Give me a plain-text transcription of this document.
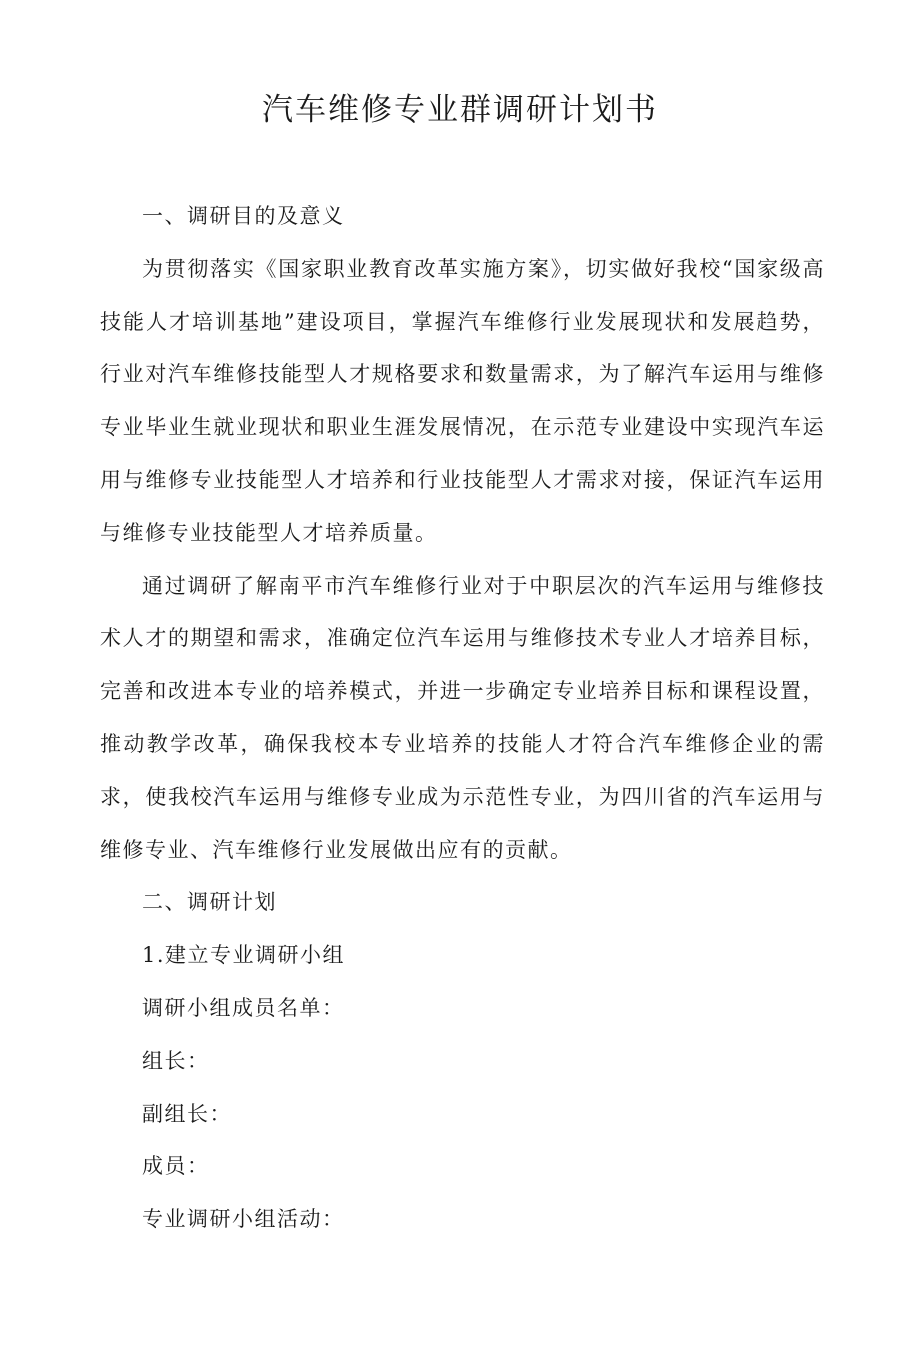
汽车维修专业群调研计划书

一、调研目的及意义

为贯彻落实《国家职业教育改革实施方案》，切实做好我校“国家级高技能人才培训基地”建设项目，掌握汽车维修行业发展现状和发展趋势，行业对汽车维修技能型人才规格要求和数量需求，为了解汽车运用与维修专业毕业生就业现状和职业生涯发展情况，在示范专业建设中实现汽车运用与维修专业技能型人才培养和行业技能型人才需求对接，保证汽车运用与维修专业技能型人才培养质量。

通过调研了解南平市汽车维修行业对于中职层次的汽车运用与维修技术人才的期望和需求，准确定位汽车运用与维修技术专业人才培养目标，完善和改进本专业的培养模式，并进一步确定专业培养目标和课程设置，推动教学改革，确保我校本专业培养的技能人才符合汽车维修企业的需求，使我校汽车运用与维修专业成为示范性专业，为四川省的汽车运用与维修专业、汽车维修行业发展做出应有的贡献。

二、调研计划

1.建立专业调研小组

调研小组成员名单：

组长：

副组长：

成员：

专业调研小组活动：
